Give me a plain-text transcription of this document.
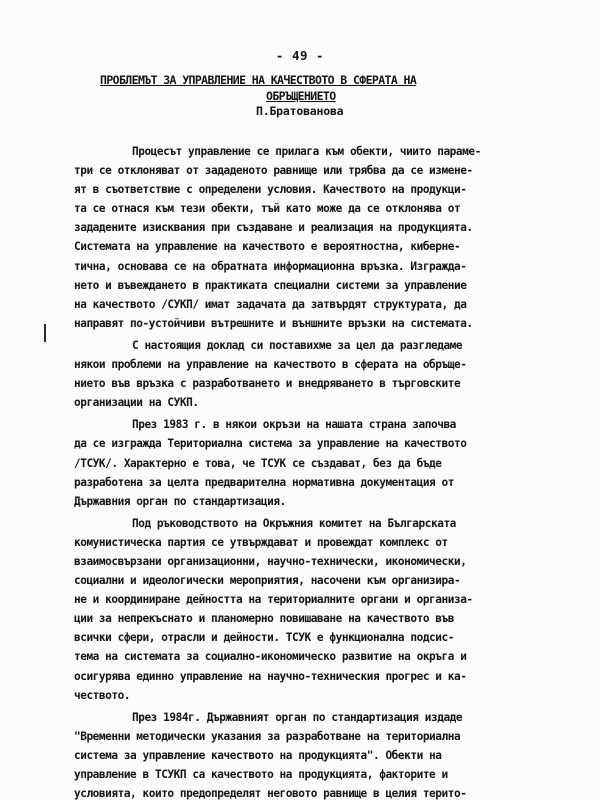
- 49 -
ПРОБЛЕМЪТ ЗА УПРАВЛЕНИЕ НА КАЧЕСТВОТО В СФЕРАТА НА
ОБРЪЩЕНИЕТО
П.Братованова
Процесът управление се прилага към обекти, чиито парамe-
три се отклоняват от зададеното равнище или трябва да се измене-
ят в съответствие с определени условия. Качеството на продукци-
та се отнася към тези обекти, тъй като може да се отклонява от
зададените изисквания при създаване и реализация на продукцията.
Системата на управление на качеството е вероятностна, киберне-
тична, основава се на обратната информационна връзка. Изграждa-
нето и въвеждането в практиката специални системи за управление
на качеството /СУКП/ имат задачата да затвърдят структурата, да
направят по-устойчиви вътрешните и външните връзки на системата.
С настоящия доклад си поставихме за цел да разгледаме
някои проблеми на управление на качеството в сферата на обръще-
нието във връзка с разработването и внедряването в търговските
организации на СУКП.
През 1983 г. в някои окръзи на нашата страна започва
да се изгражда Териториална система за управление на качеството
/ТСУК/. Характерно е това, че ТСУК се създават, без да бъде
разработена за целта предварителна нормативна документация от
Държавния орган по стандартизация.
Под ръководството на Окръжния комитет на Българската
комунистическа партия се утвърждават и провеждат комплекс от
взаимосвързани организационни, научно-технически, икономически,
социални и идеологически мероприятия, насочени към организира-
не и координиране дейността на териториалните органи и организа-
ции за непрекъснато и планомерно повишаване на качеството във
всички сфери, отрасли и дейности. ТСУК е функционална подсис-
тема на системата за социално-икономическо развитие на окръга и
осигурява единно управление на научно-техническия прогрес и ка-
чеството.
През 1984г. Държавният орган по стандартизация издаде
"Временни методически указания за разработване на териториална
система за управление качеството на продукцията". Обекти на
управление в ТСУКП са качеството на продукцията, факторите и
условията, които предопределят неговото равнище в целия терито-
